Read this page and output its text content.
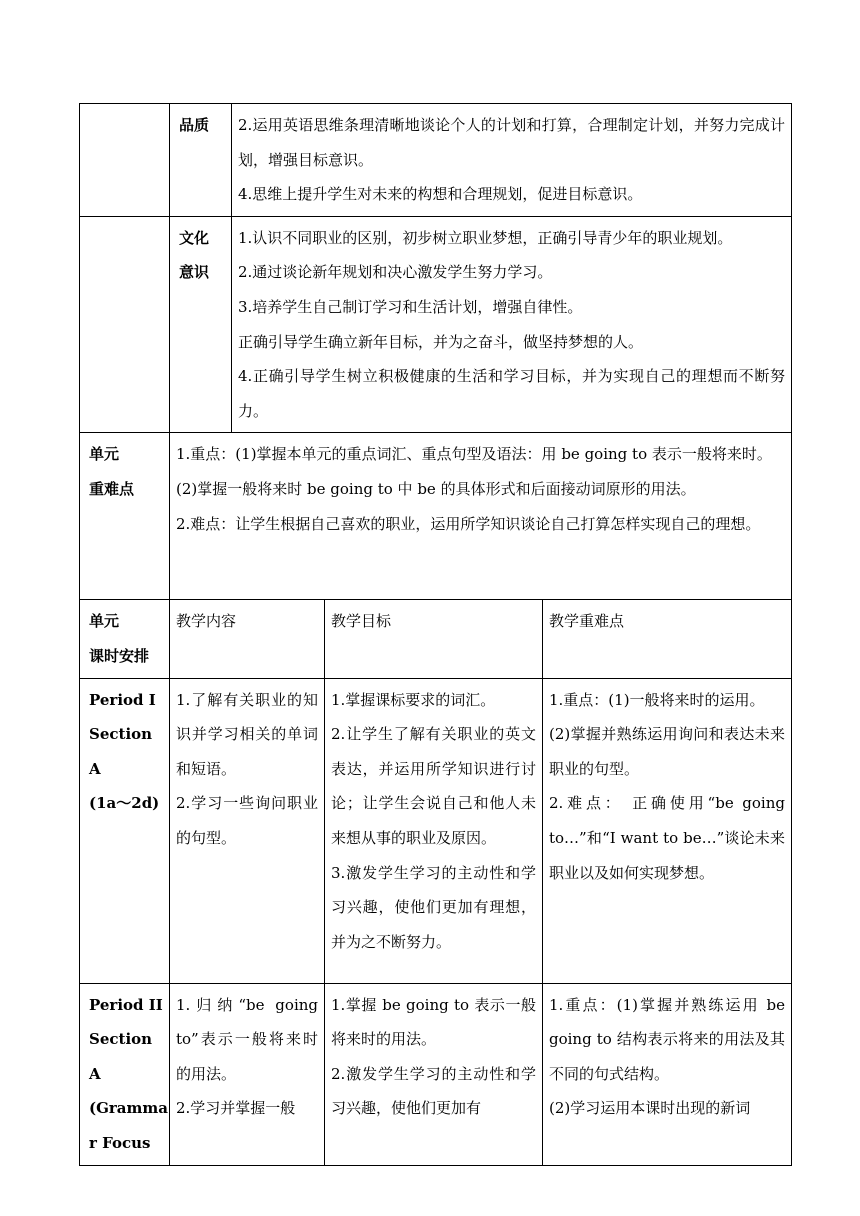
	品质	2.运用英语思维条理清晰地谈论个人的计划和打算，合理制定计划，并努力完成计划，增强目标意识。
4.思维上提升学生对未来的构想和合理规划，促进目标意识。		

	文化
意识	1.认识不同职业的区别，初步树立职业梦想，正确引导青少年的职业规划。
2.通过谈论新年规划和决心激发学生努力学习。
3.培养学生自己制订学习和生活计划，增强自律性。
正确引导学生确立新年目标，并为之奋斗，做坚持梦想的人。
4.正确引导学生树立积极健康的生活和学习目标，并为实现自己的理想而不断努力。		

单元
重难点	1.重点：(1)掌握本单元的重点词汇、重点句型及语法：用 be going to 表示一般将来时。
(2)掌握一般将来时 be going to 中 be 的具体形式和后面接动词原形的用法。
2.难点：让学生根据自己喜欢的职业，运用所学知识谈论自己打算怎样实现自己的理想。			

单元
课时安排	教学内容		教学目标	教学重难点

Period I
Section A
(1a～2d)	1.了解有关职业的知识并学习相关的单词和短语。
2.学习一些询问职业的句型。		1.掌握课标要求的词汇。
2.让学生了解有关职业的英文表达，并运用所学知识进行讨论；让学生会说自己和他人未来想从事的职业及原因。
3.激发学生学习的主动性和学习兴趣，使他们更加有理想，并为之不断努力。	1.重点：(1)一般将来时的运用。
(2)掌握并熟练运用询问和表达未来职业的句型。
2.难点： 正确使用“be going to…”和“I want to be…”谈论未来职业以及如何实现梦想。

Period II
Section A
(Gramma
r Focus	1.归纳“be going to”表示一般将来时的用法。
2.学习并掌握一般		1.掌握 be going to 表示一般将来时的用法。
2.激发学生学习的主动性和学习兴趣，使他们更加有	1.重点：(1)掌握并熟练运用 be going to 结构表示将来的用法及其不同的句式结构。
(2)学习运用本课时出现的新词
